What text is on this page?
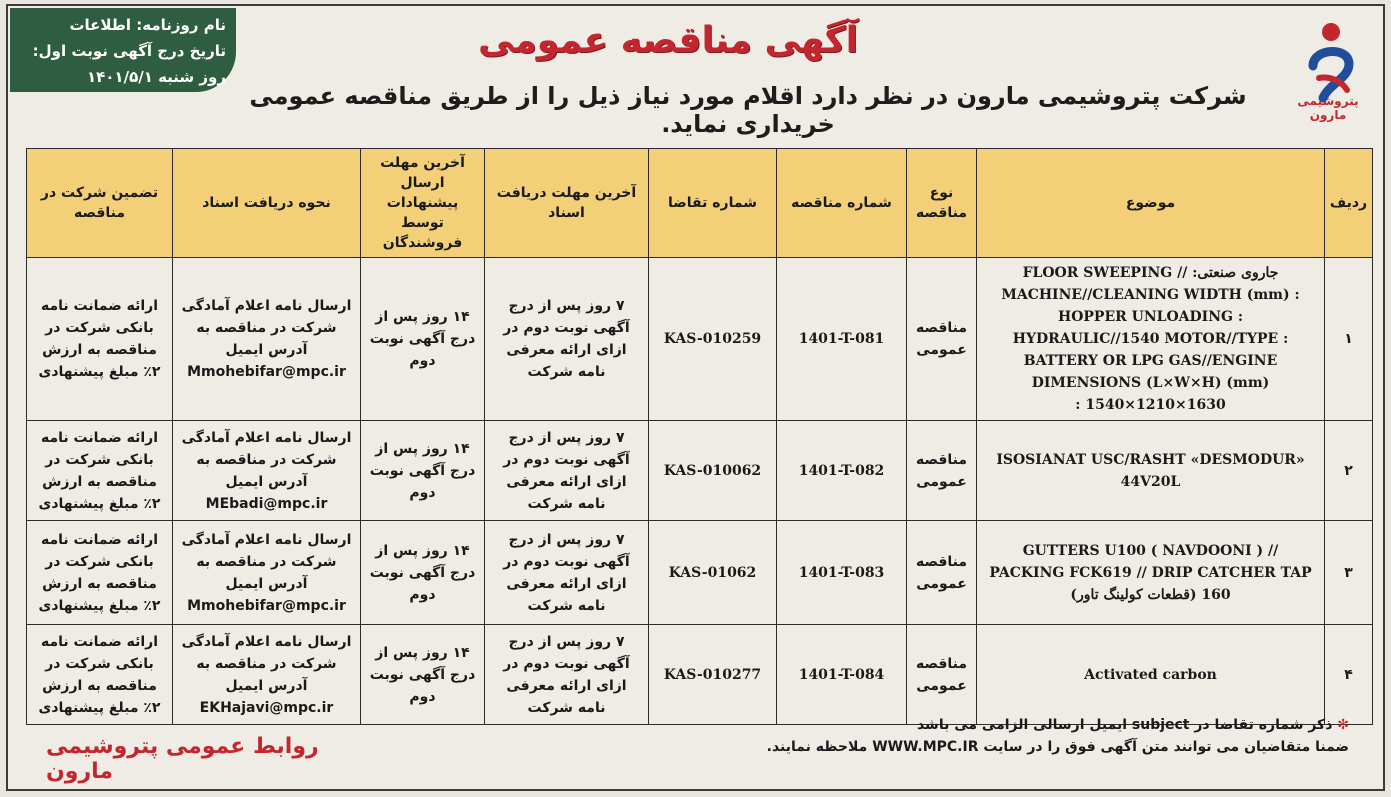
نام روزنامه: اطلاعات
تاریخ درج آگهی نوبت اول:
روز شنبه ۱۴۰۱/۵/۱
پتروشیمی مارون
آگهی مناقصه عمومی
شرکت پتروشیمی مارون در نظر دارد اقلام مورد نیاز ذیل را از طریق مناقصه عمومی خریداری نماید.
ردیف	موضوع	نوع مناقصه	شماره مناقصه	شماره تقاضا	آخرین مهلت دریافت اسناد	آخرین مهلت ارسال پیشنهادات توسط فروشندگان	نحوه دریافت اسناد	تضمین شرکت در مناقصه
۱	جاروی صنعتی: // FLOOR SWEEPING MACHINE//CLEANING WIDTH (mm) : HOPPER UNLOADING : HYDRAULIC//1540 MOTOR//TYPE : BATTERY OR LPG GAS//ENGINE DIMENSIONS (L×W×H) (mm) 1540×1210×1630 :	مناقصه عمومی	1401-T-081	KAS-010259	۷ روز پس از درج آگهی نوبت دوم در ازای ارائه معرفی نامه شرکت	۱۴ روز پس از درج آگهی نوبت دوم	ارسال نامه اعلام آمادگی شرکت در مناقصه به آدرس ایمیل Mmohebifar@mpc.ir	ارائه ضمانت نامه بانکی شرکت در مناقصه به ارزش ۲٪ مبلغ پیشنهادی
۲	ISOSIANAT USC/RASHT «DESMODUR» 44V20L	مناقصه عمومی	1401-T-082	KAS-010062	۷ روز پس از درج آگهی نوبت دوم در ازای ارائه معرفی نامه شرکت	۱۴ روز پس از درج آگهی نوبت دوم	ارسال نامه اعلام آمادگی شرکت در مناقصه به آدرس ایمیل MEbadi@mpc.ir	ارائه ضمانت نامه بانکی شرکت در مناقصه به ارزش ۲٪ مبلغ پیشنهادی
۳	GUTTERS U100 ( NAVDOONI ) // PACKING FCK619 // DRIP CATCHER TAP 160 (قطعات کولینگ تاور)	مناقصه عمومی	1401-T-083	KAS-01062	۷ روز پس از درج آگهی نوبت دوم در ازای ارائه معرفی نامه شرکت	۱۴ روز پس از درج آگهی نوبت دوم	ارسال نامه اعلام آمادگی شرکت در مناقصه به آدرس ایمیل Mmohebifar@mpc.ir	ارائه ضمانت نامه بانکی شرکت در مناقصه به ارزش ۲٪ مبلغ پیشنهادی
۴	Activated carbon	مناقصه عمومی	1401-T-084	KAS-010277	۷ روز پس از درج آگهی نوبت دوم در ازای ارائه معرفی نامه شرکت	۱۴ روز پس از درج آگهی نوبت دوم	ارسال نامه اعلام آمادگی شرکت در مناقصه به آدرس ایمیل EKHajavi@mpc.ir	ارائه ضمانت نامه بانکی شرکت در مناقصه به ارزش ۲٪ مبلغ پیشنهادی
✻ ذکر شماره تقاضا در subject ایمیل ارسالی الزامی می باشد
ضمنا متقاضیان می توانند متن آگهی فوق را در سایت WWW.MPC.IR ملاحظه نمایند.
روابط عمومی پتروشیمی مارون
